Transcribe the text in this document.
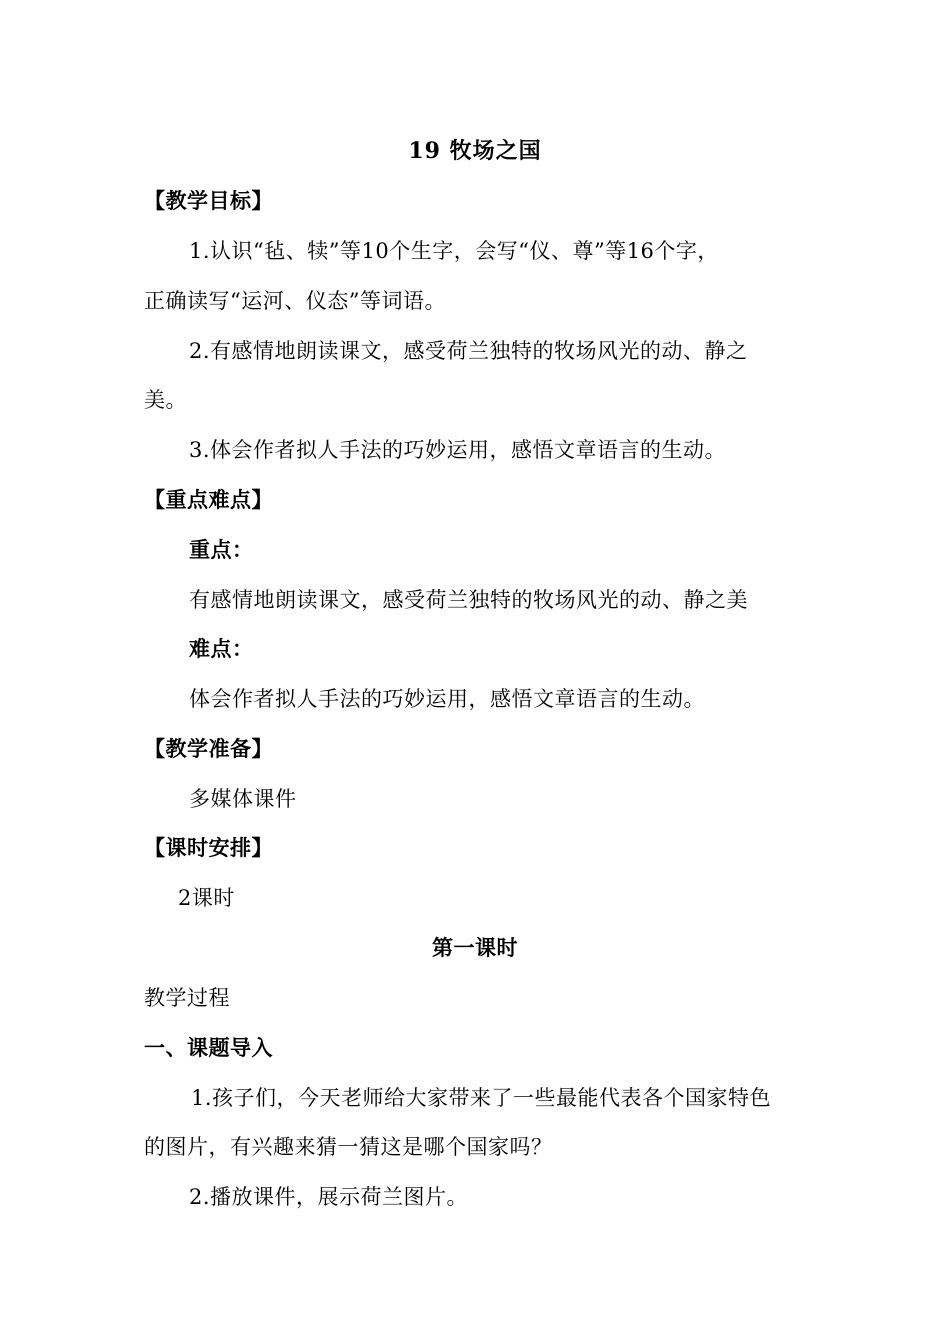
19 牧场之国
【教学目标】
1.认识“毡、犊”等10个生字，会写“仪、尊”等16个字，
正确读写“运河、仪态”等词语。
2.有感情地朗读课文，感受荷兰独特的牧场风光的动、静之
美。
3.体会作者拟人手法的巧妙运用，感悟文章语言的生动。
【重点难点】
重点：
有感情地朗读课文，感受荷兰独特的牧场风光的动、静之美
难点：
体会作者拟人手法的巧妙运用，感悟文章语言的生动。
【教学准备】
多媒体课件
【课时安排】
2课时
第一课时
教学过程
一、课题导入
1.孩子们，今天老师给大家带来了一些最能代表各个国家特色
的图片，有兴趣来猜一猜这是哪个国家吗？
2.播放课件，展示荷兰图片。
